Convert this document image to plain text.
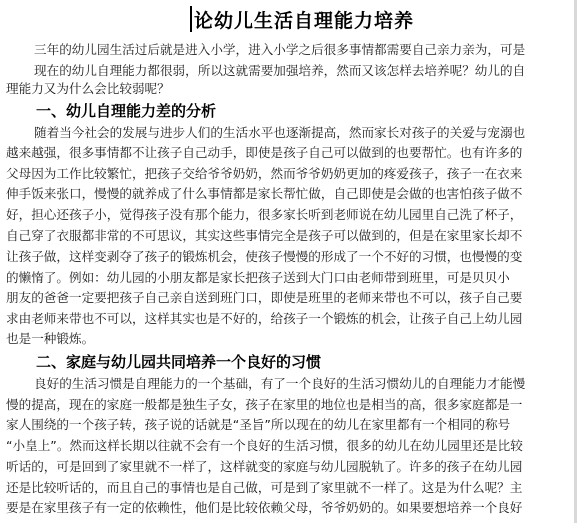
论幼儿生活自理能力培养
三年的幼儿园生活过后就是进入小学，进入小学之后很多事情都需要自己亲力亲为，可是
现在的幼儿自理能力都很弱，所以这就需要加强培养，然而又该怎样去培养呢？幼儿的自
理能力又为什么会比较弱呢？
一、幼儿自理能力差的分析
随着当今社会的发展与进步人们的生活水平也逐渐提高，然而家长对孩子的关爱与宠溺也
越来越强，很多事情都不让孩子自己动手，即使是孩子自己可以做到的也要帮忙。也有许多的
父母因为工作比较繁忙，把孩子交给爷爷奶奶，然而爷爷奶奶更加的疼爱孩子，孩子一在衣来
伸手饭来张口，慢慢的就养成了什么事情都是家长帮忙做，自己即使是会做的也害怕孩子做不
好，担心还孩子小，觉得孩子没有那个能力，很多家长听到老师说在幼儿园里自己洗了杯子，
自己穿了衣服都非常的不可思议，其实这些事情完全是孩子可以做到的，但是在家里家长却不
让孩子做，这样变剥夺了孩子的锻炼机会，使孩子慢慢的形成了一个不好的习惯，也慢慢的变
的懒惰了。例如：幼儿园的小朋友都是家长把孩子送到大门口由老师带到班里，可是贝贝小
朋友的爸爸一定要把孩子自己亲自送到班门口，即使是班里的老师来带也不可以，孩子自己要
求由老师来带也不可以，这样其实也是不好的，给孩子一个锻炼的机会，让孩子自己上幼儿园
也是一种锻炼。
二、家庭与幼儿园共同培养一个良好的习惯
良好的生活习惯是自理能力的一个基础，有了一个良好的生活习惯幼儿的自理能力才能慢
慢的提高，现在的家庭一般都是独生子女，孩子在家里的地位也是相当的高，很多家庭都是一
家人围绕的一个孩子转，孩子说的话就是“圣旨”所以现在的幼儿在家里都有一个相同的称号
“小皇上”。然而这样长期以往就不会有一个良好的生活习惯，很多的幼儿在幼儿园里还是比较
听话的，可是回到了家里就不一样了，这样就变的家庭与幼儿园脱轨了。许多的孩子在幼儿园
还是比较听话的，而且自己的事情也是自己做，可是到了家里就不一样了。这是为什么呢？主
要是在家里孩子有一定的依赖性，他们是比较依赖父母，爷爷奶奶的。如果要想培养一个良好
